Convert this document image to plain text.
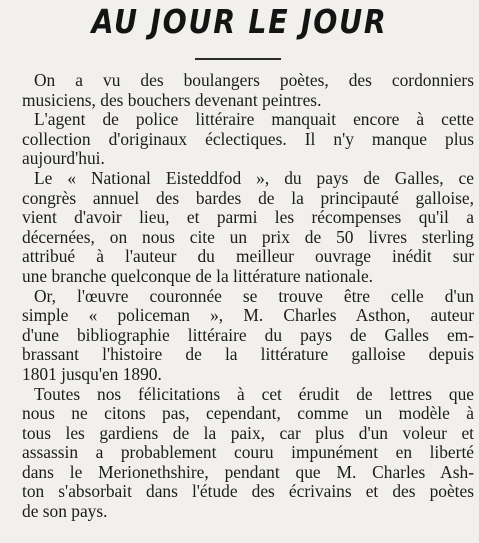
AU JOUR LE JOUR
On a vu des boulangers poètes, des cordonniers
musiciens, des bouchers devenant peintres.
L'agent de police littéraire manquait encore à cette
collection d'originaux éclectiques. Il n'y manque plus
aujourd'hui.
Le « National Eisteddfod », du pays de Galles, ce
congrès annuel des bardes de la principauté galloise,
vient d'avoir lieu, et parmi les récompenses qu'il a
décernées, on nous cite un prix de 50 livres sterling
attribué à l'auteur du meilleur ouvrage inédit sur
une branche quelconque de la littérature nationale.
Or, l'œuvre couronnée se trouve être celle d'un
simple « policeman », M. Charles Asthon, auteur
d'une bibliographie littéraire du pays de Galles em-
brassant l'histoire de la littérature galloise depuis
1801 jusqu'en 1890.
Toutes nos félicitations à cet érudit de lettres que
nous ne citons pas, cependant, comme un modèle à
tous les gardiens de la paix, car plus d'un voleur et
assassin a probablement couru impunément en liberté
dans le Merionethshire, pendant que M. Charles Ash-
ton s'absorbait dans l'étude des écrivains et des poètes
de son pays.
